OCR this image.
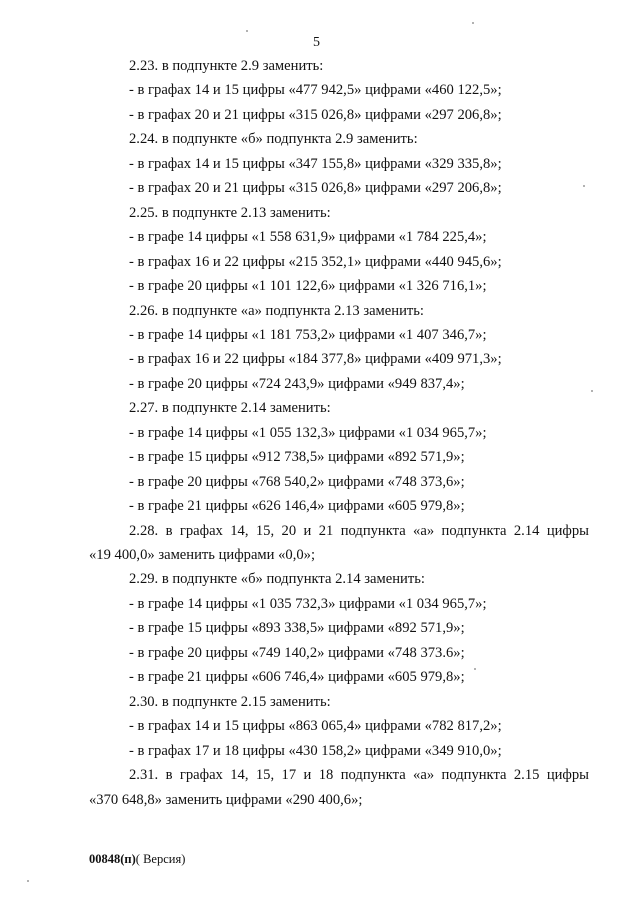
5
2.23. в подпункте 2.9 заменить:
- в графах 14 и 15 цифры «477 942,5» цифрами «460 122,5»;
- в графах 20 и 21 цифры «315 026,8» цифрами «297 206,8»;
2.24. в подпункте «б» подпункта 2.9 заменить:
- в графах 14 и 15 цифры «347 155,8» цифрами «329 335,8»;
- в графах 20 и 21 цифры «315 026,8» цифрами «297 206,8»;
2.25. в подпункте 2.13 заменить:
- в графе 14 цифры «1 558 631,9» цифрами «1 784 225,4»;
- в графах 16 и 22 цифры «215 352,1» цифрами «440 945,6»;
- в графе 20 цифры «1 101 122,6» цифрами «1 326 716,1»;
2.26. в подпункте «а» подпункта 2.13 заменить:
- в графе 14 цифры «1 181 753,2» цифрами «1 407 346,7»;
- в графах 16 и 22 цифры «184 377,8» цифрами «409 971,3»;
- в графе 20 цифры «724 243,9» цифрами «949 837,4»;
2.27. в подпункте 2.14 заменить:
- в графе 14 цифры «1 055 132,3» цифрами «1 034 965,7»;
- в графе 15 цифры «912 738,5» цифрами «892 571,9»;
- в графе 20 цифры «768 540,2» цифрами «748 373,6»;
- в графе 21 цифры «626 146,4» цифрами «605 979,8»;
2.28. в графах 14, 15, 20 и 21 подпункта «а» подпункта 2.14 цифры
«19 400,0» заменить цифрами «0,0»;
2.29. в подпункте «б» подпункта 2.14 заменить:
- в графе 14 цифры «1 035 732,3» цифрами «1 034 965,7»;
- в графе 15 цифры «893 338,5» цифрами «892 571,9»;
- в графе 20 цифры «749 140,2» цифрами «748 373.6»;
- в графе 21 цифры «606 746,4» цифрами «605 979,8»;
2.30. в подпункте 2.15 заменить:
- в графах 14 и 15 цифры «863 065,4» цифрами «782 817,2»;
- в графах 17 и 18 цифры «430 158,2» цифрами «349 910,0»;
2.31. в графах 14, 15, 17 и 18 подпункта «а» подпункта 2.15 цифры
«370 648,8» заменить цифрами «290 400,6»;
00848(п)( Версия)
